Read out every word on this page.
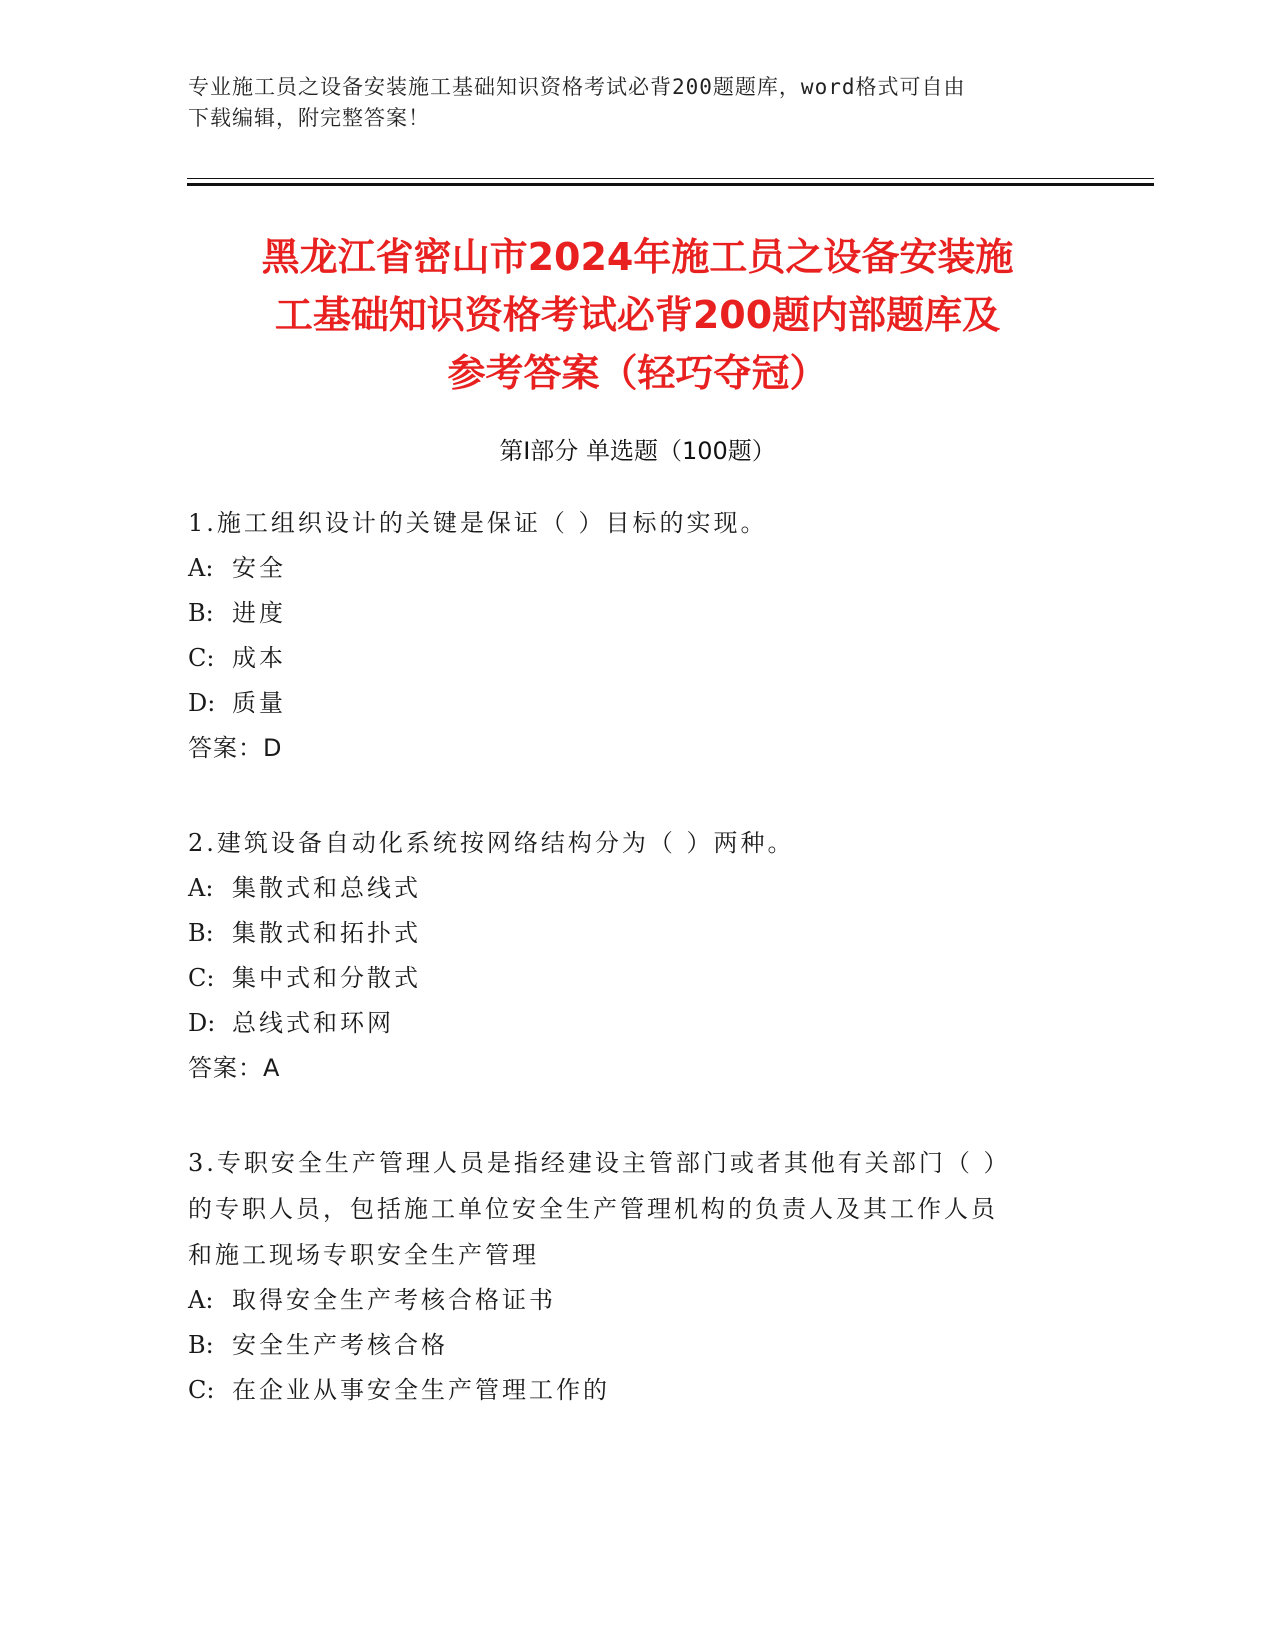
专业施工员之设备安装施工基础知识资格考试必背200题题库，word格式可自由
下载编辑，附完整答案！
黑龙江省密山市2024年施工员之设备安装施
工基础知识资格考试必背200题内部题库及
参考答案（轻巧夺冠）
第Ⅰ部分 单选题（100题）
1.施工组织设计的关键是保证（ ）目标的实现。
A: 安全
B: 进度
C: 成本
D: 质量
答案：D
2.建筑设备自动化系统按网络结构分为（ ）两种。
A: 集散式和总线式
B: 集散式和拓扑式
C: 集中式和分散式
D: 总线式和环网
答案：A
3.专职安全生产管理人员是指经建设主管部门或者其他有关部门（ ）
的专职人员，包括施工单位安全生产管理机构的负责人及其工作人员
和施工现场专职安全生产管理
A: 取得安全生产考核合格证书
B: 安全生产考核合格
C: 在企业从事安全生产管理工作的
